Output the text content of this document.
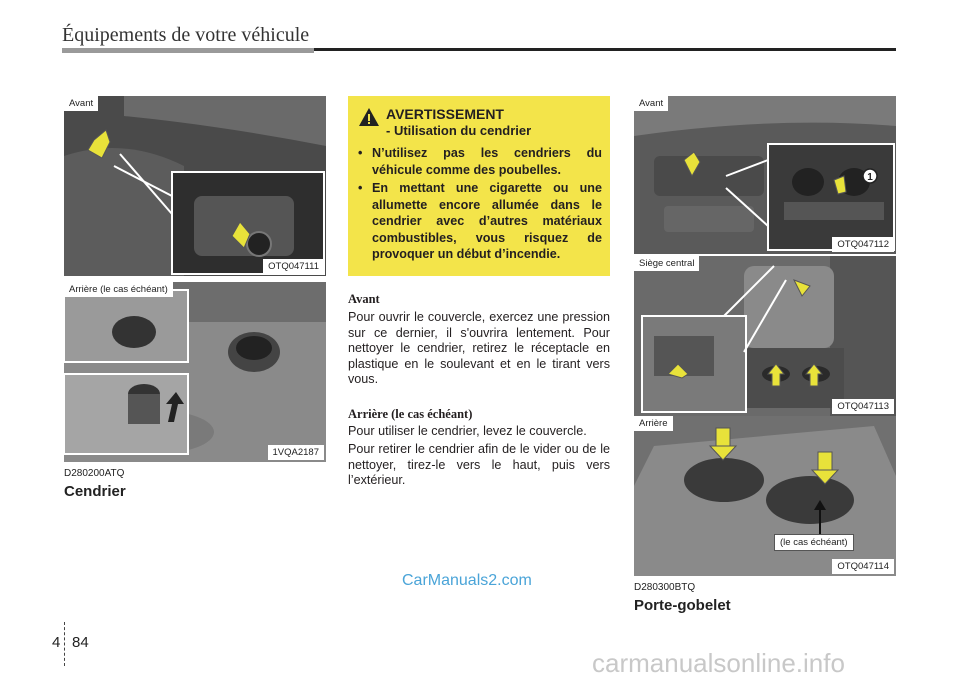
Équipements de votre véhicule
Avant
OTQ047111
Arrière (le cas échéant)
1VQA2187
D280200ATQ
Cendrier
AVERTISSEMENT
- Utilisation du cendrier
• N’utilisez pas les cendriers du véhicule comme des poubelles.
• En mettant une cigarette ou une allumette encore allumée dans le cendrier avec d’autres matériaux combustibles, vous risquez de provoquer un début d’incendie.
Avant
Pour ouvrir le couvercle, exercez une pression sur ce dernier, il s'ouvrira lentement. Pour nettoyer le cendrier, retirez le réceptacle en plastique en le soulevant et en le tirant vers vous.
Arrière (le cas échéant)
Pour utiliser le cendrier, levez le couvercle.
Pour retirer le cendrier afin de le vider ou de le nettoyer, tirez-le vers le haut, puis vers l’extérieur.
1
Avant
OTQ047112
Siège central
OTQ047113
Arrière
(le cas échéant)
OTQ047114
D280300BTQ
Porte-gobelet
CarManuals2.com
4 84
carmanualsonline.info
